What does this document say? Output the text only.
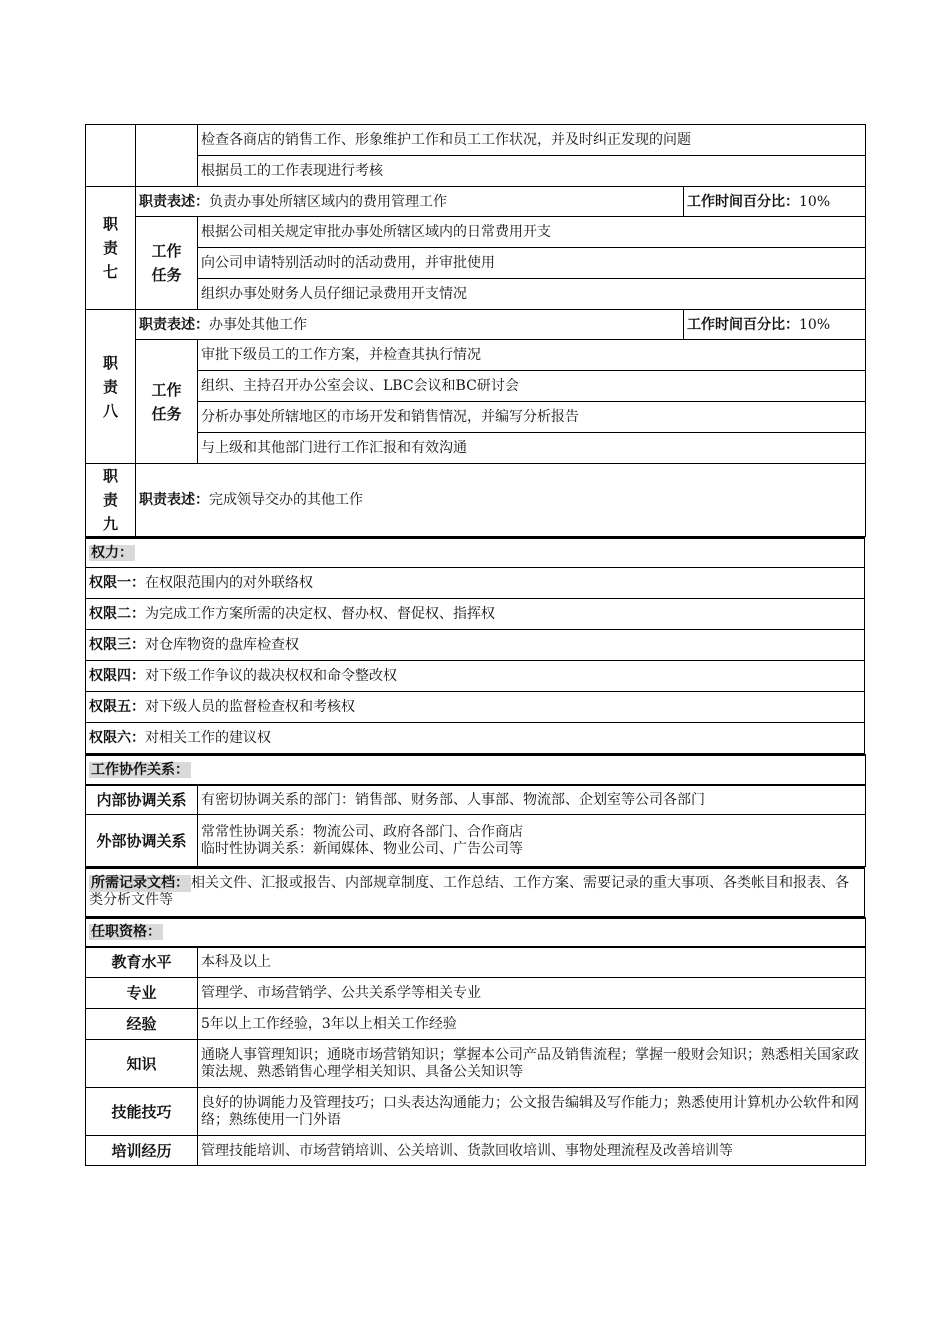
		检查各商店的销售工作、形象维护工作和员工工作状况，并及时纠正发现的问题	
		根据员工的工作表现进行考核	

职
责
七	职责表述：负责办事处所辖区域内的费用管理工作		工作时间百分比：10%

	工作
任务	根据公司相关规定审批办事处所辖区域内的日常费用开支	
		向公司申请特别活动时的活动费用，并审批使用	
		组织办事处财务人员仔细记录费用开支情况	

职
责
八	职责表述：办事处其他工作		工作时间百分比：10%

	工作
任务	审批下级员工的工作方案，并检查其执行情况	
		组织、主持召开办公室会议、LBC会议和BC研讨会	
		分析办事处所辖地区的市场开发和销售情况，并编写分析报告	
		与上级和其他部门进行工作汇报和有效沟通	

职
责
九	职责表述：完成领导交办的其他工作		
权力：
权限一：在权限范围内的对外联络权
权限二：为完成工作方案所需的决定权、督办权、督促权、指挥权
权限三：对仓库物资的盘库检查权
权限四：对下级工作争议的裁决权权和命令整改权
权限五：对下级人员的监督检查权和考核权
权限六：对相关工作的建议权
工作协作关系：	
内部协调关系	有密切协调关系的部门：销售部、财务部、人事部、物流部、企划室等公司各部门
外部协调关系	常常性协调关系：物流公司、政府各部门、合作商店
临时性协调关系：新闻媒体、物业公司、广告公司等
所需记录文档： 相关文件、汇报或报告、内部规章制度、工作总结、工作方案、需要记录的重大事项、各类帐目和报表、各类分析文件等
任职资格：	
教育水平	本科及以上
专业	管理学、市场营销学、公共关系学等相关专业
经验	5年以上工作经验，3年以上相关工作经验
知识	通晓人事管理知识；通晓市场营销知识；掌握本公司产品及销售流程；掌握一般财会知识；熟悉相关国家政策法规、熟悉销售心理学相关知识、具备公关知识等
技能技巧	良好的协调能力及管理技巧；口头表达沟通能力；公文报告编辑及写作能力；熟悉使用计算机办公软件和网络；熟练使用一门外语
培训经历	管理技能培训、市场营销培训、公关培训、货款回收培训、事物处理流程及改善培训等
